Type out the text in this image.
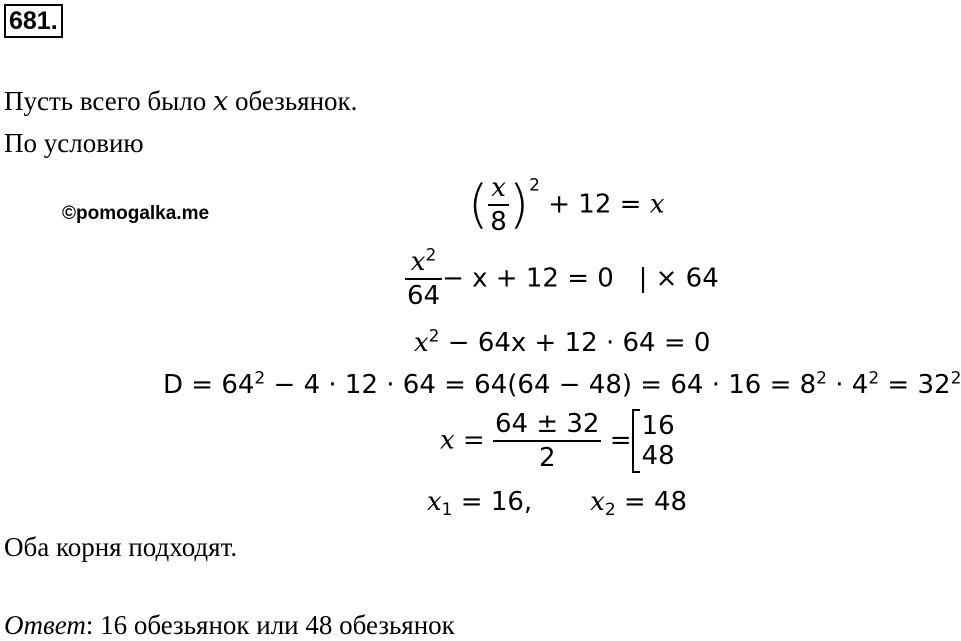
681.
Пусть всего было x обезьянок.
По условию
©pomogalka.me	( $\frac{x}{8} )^2 + 12 = x$
$\frac{x^2}{64} - x + 12 = 0$   | × 64
$x^2 - 64x + 12 \cdot 64 = 0$
$D = 64^2 - 4 \cdot 12 \cdot 64 = 64(64 - 48) = 64 \cdot 16 = 8^2 \cdot 4^2 = 32^2$
$x = \frac{64 \pm 32}{2} = 16$
48
$x_1 = 16$, $x_2 = 48$
Оба корня подходят.
Ответ: 16 обезьянок или 48 обезьянок
